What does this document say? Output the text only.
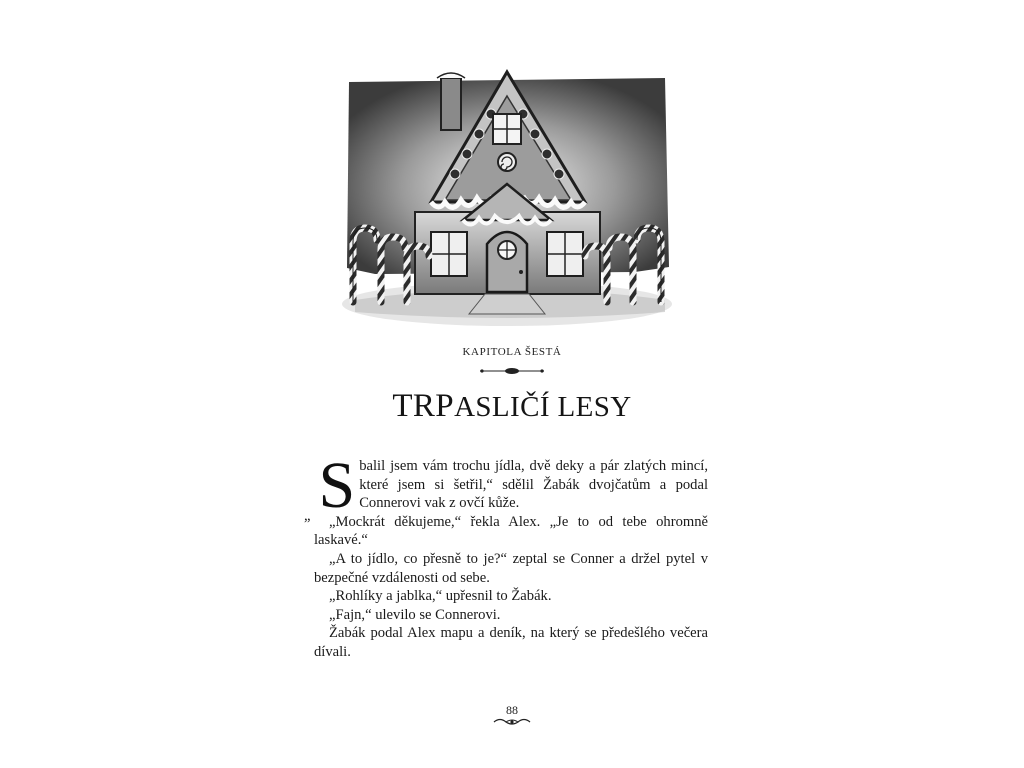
KAPITOLA ŠESTÁ
TRPASLIČÍ LESY

„ S balil jsem vám trochu jídla, dvě deky a pár zlatých mincí, které jsem si šetřil,“ sdělil Žabák dvojčatům a podal Connerovi vak z ovčí kůže.

„Mockrát děkujeme,“ řekla Alex. „Je to od tebe ohromně laskavé.“

„A to jídlo, co přesně to je?“ zeptal se Conner a držel pytel v bezpečné vzdálenosti od sebe.

„Rohlíky a jablka,“ upřesnil to Žabák.

„Fajn,“ ulevilo se Connerovi.

Žabák podal Alex mapu a deník, na který se předešlého večera dívali.

88
